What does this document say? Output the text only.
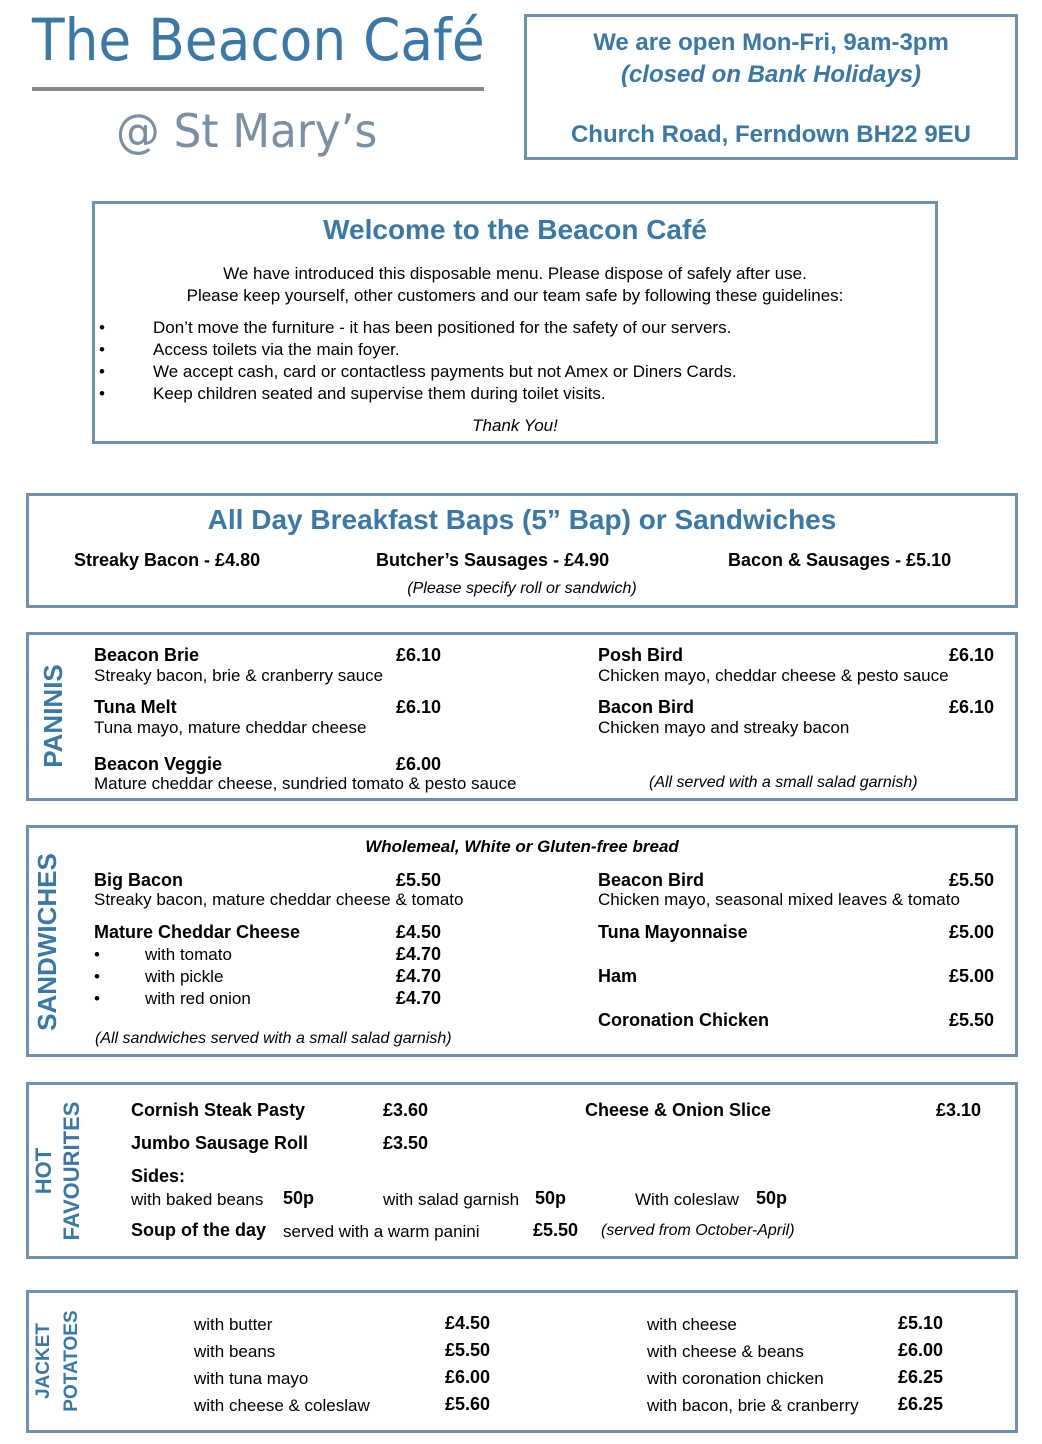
The Beacon Café
@ St Mary’s
We are open Mon-Fri, 9am-3pm
(closed on Bank Holidays)
Church Road, Ferndown BH22 9EU
Welcome to the Beacon Café
We have introduced this disposable menu. Please dispose of safely after use.
Please keep yourself, other customers and our team safe by following these guidelines:
•	Don’t move the furniture - it has been positioned for the safety of our servers.
•	Access toilets via the main foyer.
•	We accept cash, card or contactless payments but not Amex or Diners Cards.
•	Keep children seated and supervise them during toilet visits.
Thank You!
All Day Breakfast Baps (5” Bap) or Sandwiches
Streaky Bacon - £4.80	Butcher’s Sausages - £4.90	Bacon & Sausages - £5.10
(Please specify roll or sandwich)
PANINIS
Beacon Brie	£6.10
Streaky bacon, brie & cranberry sauce
Tuna Melt	£6.10
Tuna mayo, mature cheddar cheese
Beacon Veggie	£6.00
Mature cheddar cheese, sundried tomato & pesto sauce
Posh Bird	£6.10
Chicken mayo, cheddar cheese & pesto sauce
Bacon Bird	£6.10
Chicken mayo and streaky bacon
(All served with a small salad garnish)
SANDWICHES
Wholemeal, White or Gluten-free bread
Big Bacon	£5.50
Streaky bacon, mature cheddar cheese & tomato
Mature Cheddar Cheese	£4.50
•	with tomato	£4.70
•	with pickle	£4.70
•	with red onion	£4.70
(All sandwiches served with a small salad garnish)
Beacon Bird	£5.50
Chicken mayo, seasonal mixed leaves & tomato
Tuna Mayonnaise	£5.00
Ham	£5.00
Coronation Chicken	£5.50
HOT FAVOURITES	Cornish Steak Pasty	£3.60	Cheese & Onion Slice	£3.10
Jumbo Sausage Roll	£3.50
Sides:
with baked beans 50p	with salad garnish 50p	With coleslaw 50p
Soup of the day served with a warm panini	£5.50 (served from October-April)
JACKET POTATOES	with butter	£4.50
with beans	£5.50
with tuna mayo	£6.00
with cheese & coleslaw	£5.60
with cheese	£5.10
with cheese & beans	£6.00
with coronation chicken	£6.25
with bacon, brie & cranberry £6.25
